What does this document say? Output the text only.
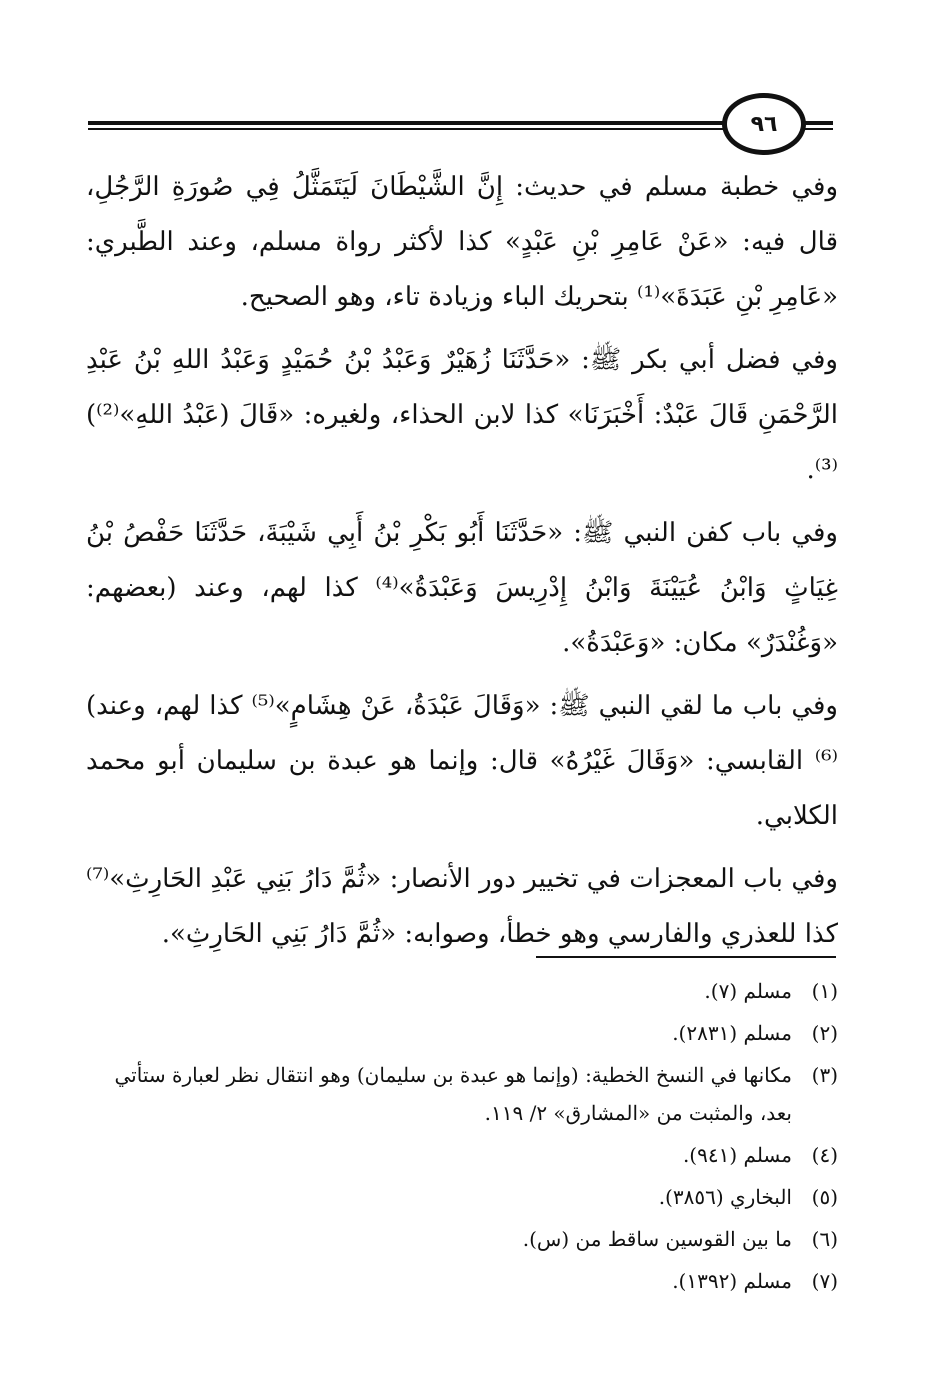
٩٦

وفي خطبة مسلم في حديث: إِنَّ الشَّيْطَانَ لَيَتَمَثَّلُ فِي صُورَةِ الرَّجُلِ، قال فيه: «عَنْ عَامِرِ بْنِ عَبْدٍ» كذا لأكثر رواة مسلم، وعند الطَّبري: «عَامِرِ بْنِ عَبَدَةَ»⁽¹⁾ بتحريك الباء وزيادة تاء، وهو الصحيح.

وفي فضل أبي بكر ﷺ: «حَدَّثَنَا زُهَيْرٌ وَعَبْدُ بْنُ حُمَيْدٍ وَعَبْدُ اللهِ بْنُ عَبْدِ الرَّحْمَنِ قَالَ عَبْدٌ: أَخْبَرَنَا» كذا لابن الحذاء، ولغيره: «قَالَ (عَبْدُ اللهِ»⁽²⁾)⁽³⁾.

وفي باب كفن النبي ﷺ: «حَدَّثَنَا أَبُو بَكْرِ بْنُ أَبِي شَيْبَةَ، حَدَّثَنَا حَفْصُ بْنُ غِيَاثٍ وَابْنُ عُيَيْنَةَ وَابْنُ إِدْرِيسَ وَعَبْدَةُ»⁽⁴⁾ كذا لهم، وعند (بعضهم: «وَغُنْدَرٌ» مكان: «وَعَبْدَةُ».

وفي باب ما لقي النبي ﷺ: «وَقَالَ عَبْدَةُ، عَنْ هِشَامٍ»⁽⁵⁾ كذا لهم، وعند)⁽⁶⁾ القابسي: «وَقَالَ غَيْرُهُ» قال: وإنما هو عبدة بن سليمان أبو محمد الكلابي.

وفي باب المعجزات في تخيير دور الأنصار: «ثُمَّ دَارُ بَنِي عَبْدِ الحَارِثِ»⁽⁷⁾ كذا للعذري والفارسي وهو خطأ، وصوابه: «ثُمَّ دَارُ بَنِي الحَارِثِ».

(١)
مسلم (٧).
(٢)
مسلم (٢٨٣١).
(٣)
مكانها في النسخ الخطية: (وإنما هو عبدة بن سليمان) وهو انتقال نظر لعبارة ستأتي بعد، والمثبت من «المشارق» ٢/ ١١٩.
(٤)
مسلم (٩٤١).
(٥)
البخاري (٣٨٥٦).
(٦)
ما بين القوسين ساقط من (س).
(٧)
مسلم (١٣٩٢).
